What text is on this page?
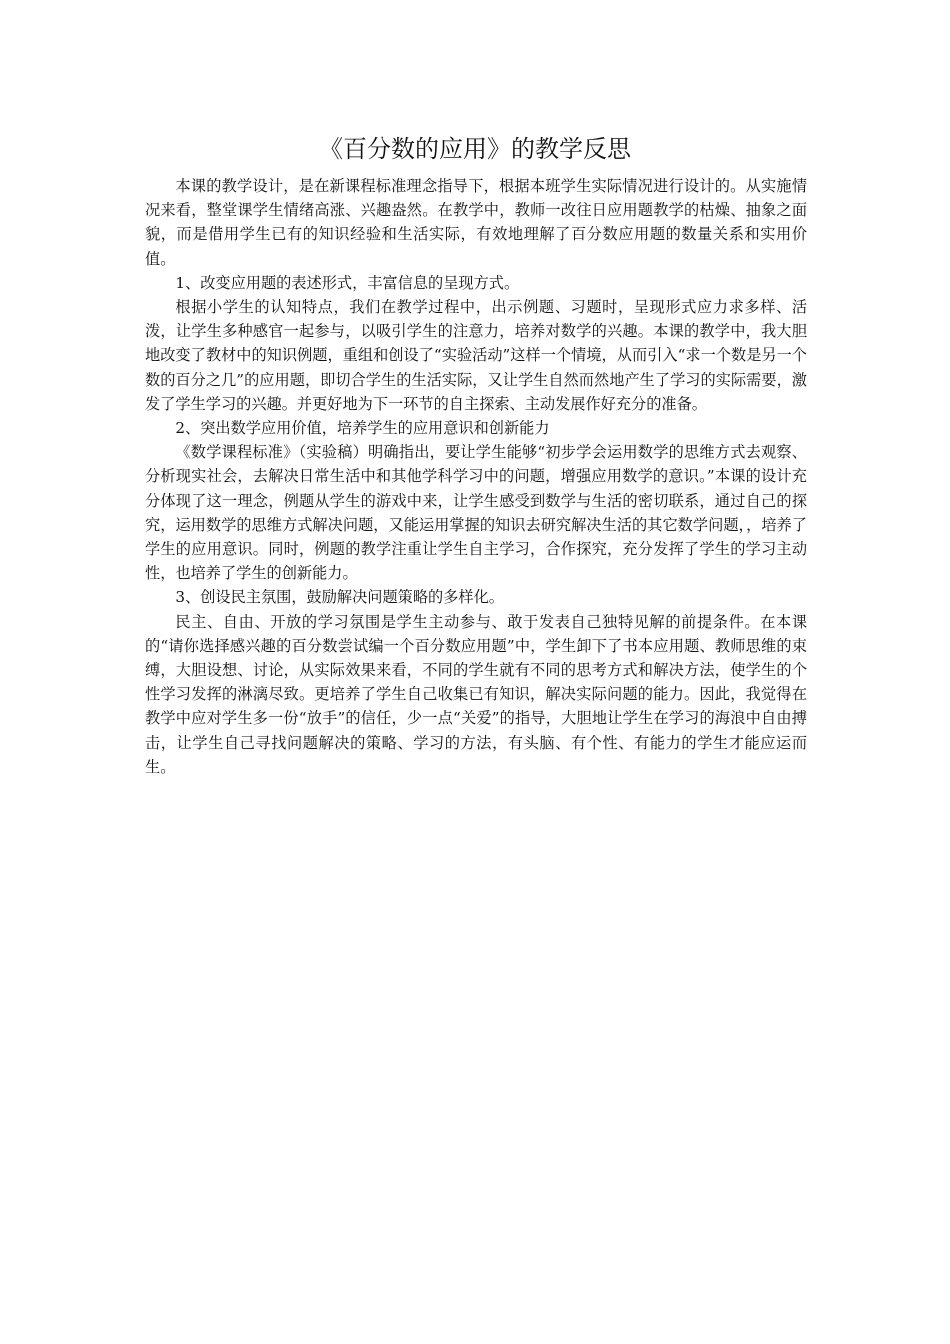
《百分数的应用》的教学反思

本课的教学设计，是在新课程标准理念指导下，根据本班学生实际情况进行设计的。从实施情况来看，整堂课学生情绪高涨、兴趣盎然。在教学中，教师一改往日应用题教学的枯燥、抽象之面貌，而是借用学生已有的知识经验和生活实际，有效地理解了百分数应用题的数量关系和实用价值。

1、改变应用题的表述形式，丰富信息的呈现方式。

根据小学生的认知特点，我们在教学过程中，出示例题、习题时，呈现形式应力求多样、活泼，让学生多种感官一起参与，以吸引学生的注意力，培养对数学的兴趣。本课的教学中，我大胆地改变了教材中的知识例题，重组和创设了“实验活动”这样一个情境，从而引入“求一个数是另一个数的百分之几”的应用题，即切合学生的生活实际，又让学生自然而然地产生了学习的实际需要，激发了学生学习的兴趣。并更好地为下一环节的自主探索、主动发展作好充分的准备。

2、突出数学应用价值，培养学生的应用意识和创新能力

《数学课程标准》（实验稿）明确指出，要让学生能够“初步学会运用数学的思维方式去观察、分析现实社会，去解决日常生活中和其他学科学习中的问题，增强应用数学的意识。”本课的设计充分体现了这一理念，例题从学生的游戏中来，让学生感受到数学与生活的密切联系，通过自己的探究，运用数学的思维方式解决问题，又能运用掌握的知识去研究解决生活的其它数学问题，，培养了学生的应用意识。同时，例题的教学注重让学生自主学习，合作探究，充分发挥了学生的学习主动性，也培养了学生的创新能力。

3、创设民主氛围，鼓励解决问题策略的多样化。

民主、自由、开放的学习氛围是学生主动参与、敢于发表自己独特见解的前提条件。在本课的“请你选择感兴趣的百分数尝试编一个百分数应用题”中，学生卸下了书本应用题、教师思维的束缚，大胆设想、讨论，从实际效果来看，不同的学生就有不同的思考方式和解决方法，使学生的个性学习发挥的淋漓尽致。更培养了学生自己收集已有知识，解决实际问题的能力。因此，我觉得在教学中应对学生多一份“放手”的信任，少一点“关爱”的指导，大胆地让学生在学习的海浪中自由搏击，让学生自己寻找问题解决的策略、学习的方法，有头脑、有个性、有能力的学生才能应运而生。
